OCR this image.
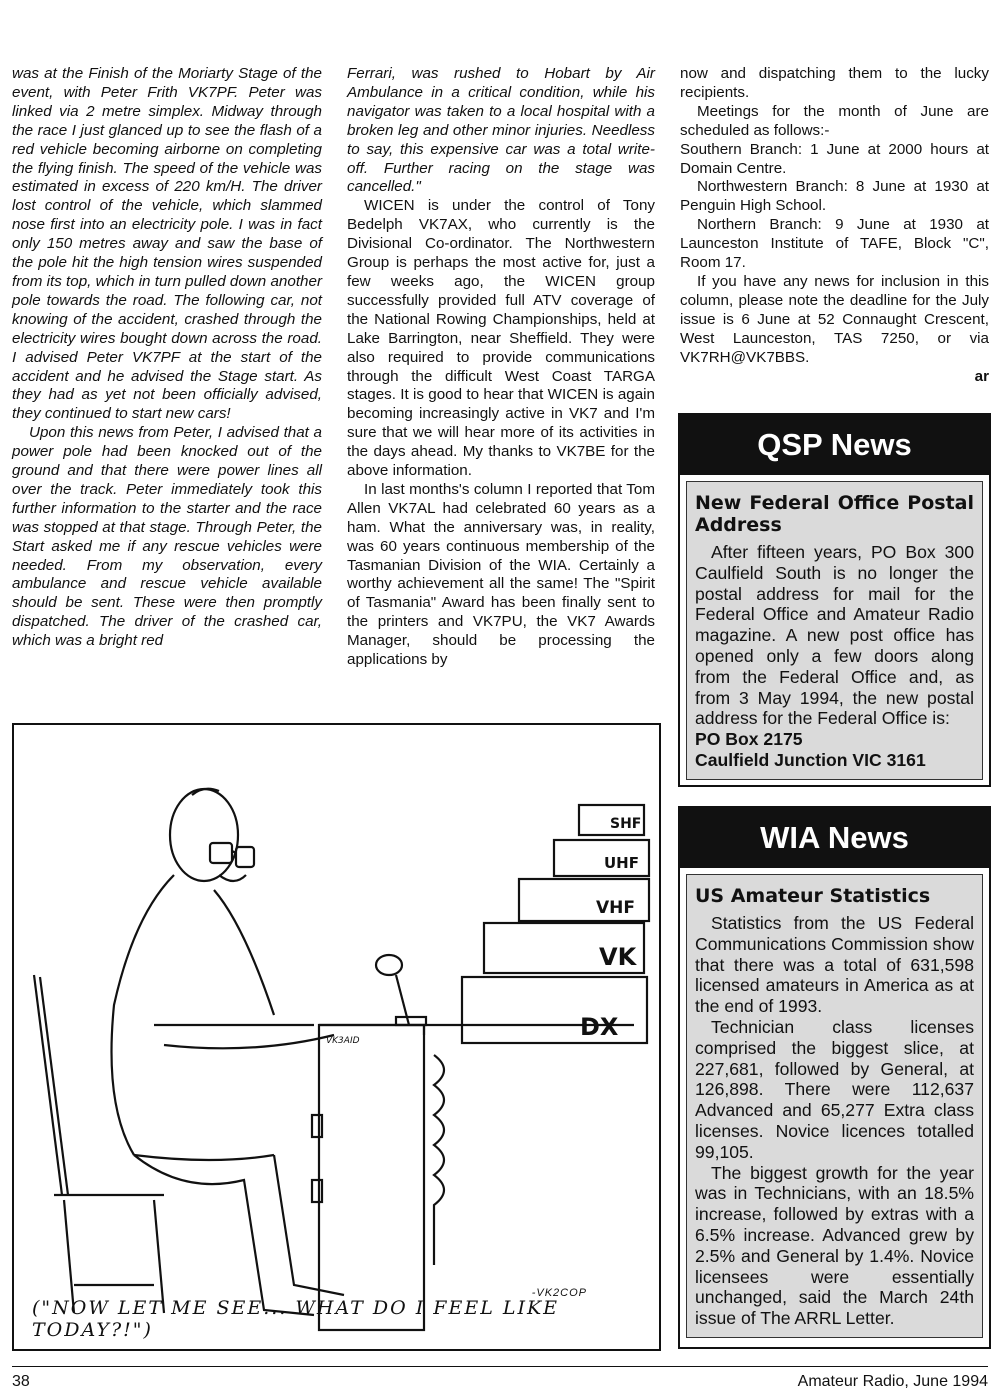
was at the Finish of the Moriarty Stage of the event, with Peter Frith VK7PF. Peter was linked via 2 metre simplex. Midway through the race I just glanced up to see the flash of a red vehicle becoming airborne on completing the flying finish. The speed of the vehicle was estimated in excess of 220 km/H. The driver lost control of the vehicle, which slammed nose first into an electricity pole. I was in fact only 150 metres away and saw the base of the pole hit the high tension wires suspended from its top, which in turn pulled down another pole towards the road. The following car, not knowing of the accident, crashed through the electricity wires bought down across the road. I advised Peter VK7PF at the start of the accident and he advised the Stage start. As they had as yet not been officially advised, they continued to start new cars!

Upon this news from Peter, I advised that a power pole had been knocked out of the ground and that there were power lines all over the track. Peter immediately took this further information to the starter and the race was stopped at that stage. Through Peter, the Start asked me if any rescue vehicles were needed. From my observation, every ambulance and rescue vehicle available should be sent. These were then promptly dispatched. The driver of the crashed car, which was a bright red

Ferrari, was rushed to Hobart by Air Ambulance in a critical condition, while his navigator was taken to a local hospital with a broken leg and other minor injuries. Needless to say, this expensive car was a total write-off. Further racing on the stage was cancelled."

WICEN is under the control of Tony Bedelph VK7AX, who currently is the Divisional Co-ordinator. The Northwestern Group is perhaps the most active for, just a few weeks ago, the WICEN group successfully provided full ATV coverage of the National Rowing Championships, held at Lake Barrington, near Sheffield. They were also required to provide communications through the difficult West Coast TARGA stages. It is good to hear that WICEN is again becoming increasingly active in VK7 and I'm sure that we will hear more of its activities in the days ahead. My thanks to VK7BE for the above information.

In last months's column I reported that Tom Allen VK7AL had celebrated 60 years as a ham. What the anniversary was, in reality, was 60 years continuous membership of the Tasmanian Division of the WIA. Certainly a worthy achievement all the same! The "Spirit of Tasmania" Award has been finally sent to the printers and VK7PU, the VK7 Awards Manager, should be processing the applications by

now and dispatching them to the lucky recipients.

Meetings for the month of June are scheduled as follows:-

Southern Branch: 1 June at 2000 hours at Domain Centre.

Northwestern Branch: 8 June at 1930 at Penguin High School.

Northern Branch: 9 June at 1930 at Launceston Institute of TAFE, Block "C", Room 17.

If you have any news for inclusion in this column, please note the deadline for the July issue is 6 June at 52 Connaught Crescent, West Launceston, TAS 7250, or via VK7RH@VK7BBS.

ar
QSP News
New Federal Office Postal Address

After fifteen years, PO Box 300 Caulfield South is no longer the postal address for mail for the Federal Office and Amateur Radio magazine. A new post office has opened only a few doors along from the Federal Office and, as from 3 May 1994, the new postal address for the Federal Office is:

PO Box 2175

Caulfield Junction VIC 3161

WIA News
US Amateur Statistics

Statistics from the US Federal Communications Commission show that there was a total of 631,598 licensed amateurs in America as at the end of 1993.

Technician class licenses comprised the biggest slice, at 227,681, followed by General, at 126,898. There were 112,637 Advanced and 65,277 Extra class licenses. Novice licences totalled 99,105.

The biggest growth for the year was in Technicians, with an 18.5% increase, followed by extras with a 6.5% increase. Advanced grew by 2.5% and General by 1.4%. Novice licensees were essentially unchanged, said the March 24th issue of The ARRL Letter.

SHF
UHF
VHF
VK
DX
VK3AID
-VK2COP
("NOW LET ME SEE... WHAT DO I FEEL LIKE TODAY?!")
38	Amateur Radio, June 1994
